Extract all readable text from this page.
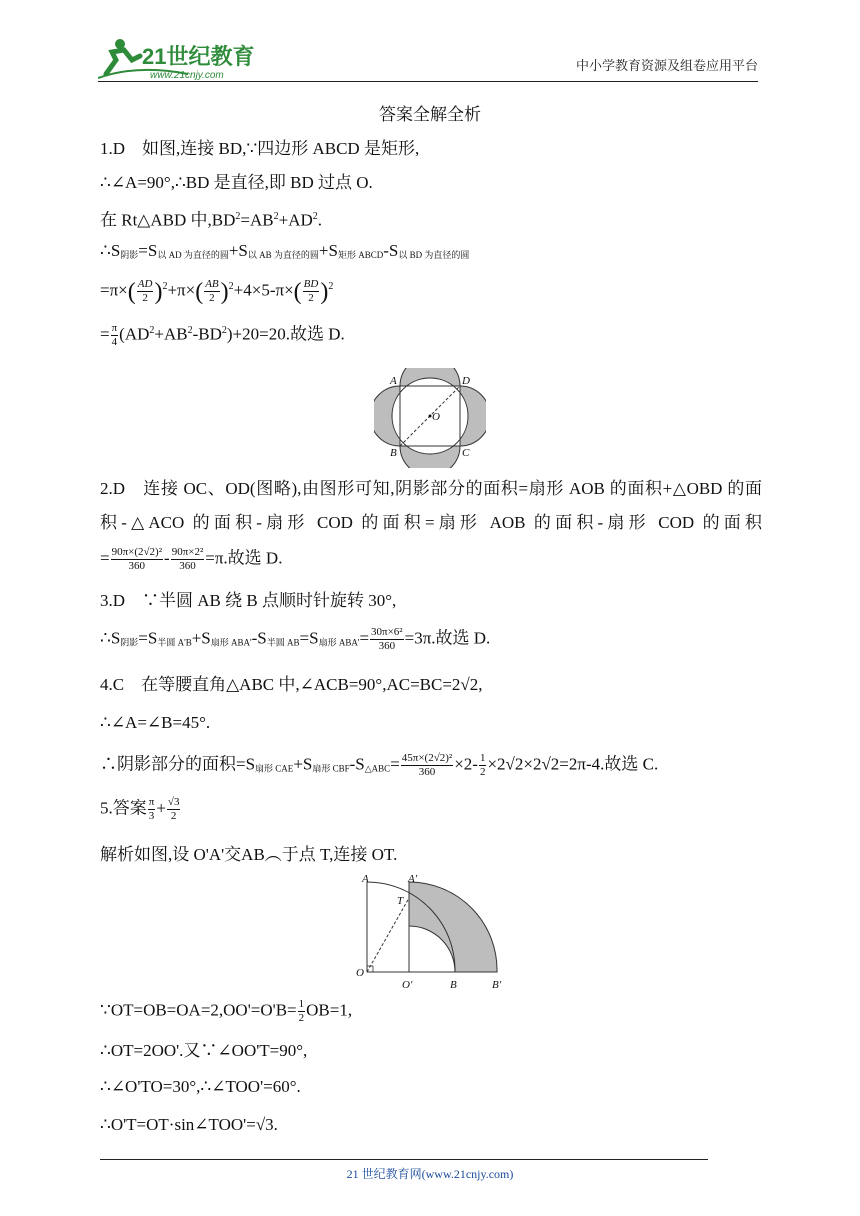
21世纪教育
www.21cnjy.com
中小学教育资源及组卷应用平台
答案全解全析
1.D　如图,连接 BD,∵四边形 ABCD 是矩形,
∴∠A=90°,∴BD 是直径,即 BD 过点 O.
在 Rt△ABD 中$,BD^2=AB^2+AD^2$.
$\therefore S_{阴影}=S_{以 AD 为直径的圆}+S_{以 AB 为直径的圆}+S_{矩形 ABCD}-S_{以 BD 为直径的圆}$
$=\pi\times( \frac{AD}{2} )^2+\pi\times( \frac{AB}{2} )^2+4\times 5-\pi\times( \frac{BD}{2} )^2$
= $\frac{\pi}{4} (AD^2+AB^2-BD^2)+20=20$.故选 D.
A	D
B	C
O
2.D　连接 OC、OD(图略),由图形可知,阴影部分的面积=扇形 AOB 的面积+△OBD 的面
积-△ACO 的面积-扇形 COD 的面积=扇形 AOB 的面积-扇形 COD 的面积
= $\frac{\text{90π×(2√2)²}}{360} - \frac{\text{90π×2²}}{360} =\pi$.故选 D.
3.D　∵半圆 AB 绕 B 点顺时针旋转 30°,
$\therefore S_{阴影}=S_{半圆 A'B}+S_{扇形 ABA'}-S_{半圆 AB}=S_{扇形 ABA'}= \frac{\text{30π×6²}}{360} =3\pi$.故选 D.
4.C　在等腰直角△ABC 中,∠ACB=90°,AC=BC=2√2,
∴∠A=∠B=45°.
∴阴影部分的面积$=S_{扇形 CAE}+S_{扇形 CBF}-S_{\triangle ABC}= \frac{\text{45π×(2√2)²}}{360} \times 2- \frac{1}{2} \times 2√2\times 2√2=2\pi-4$.故选 C.
5.答案 $\frac{\pi}{3} + \frac{√3}{2}$
解析如图,设 O'A'交AB︵于点 T,连接 OT.
A	A'
T
O
O'	B	B'
∵OT=OB=OA=2,OO'=O'B= $\frac{1}{2} OB=1$,
∴OT=2OO'.又∵∠OO'T=90°,
∴∠O'TO=30°,∴∠TOO'=60°.
∴O'T=OT·sin∠TOO'=√3.
21 世纪教育网(www.21cnjy.com)
